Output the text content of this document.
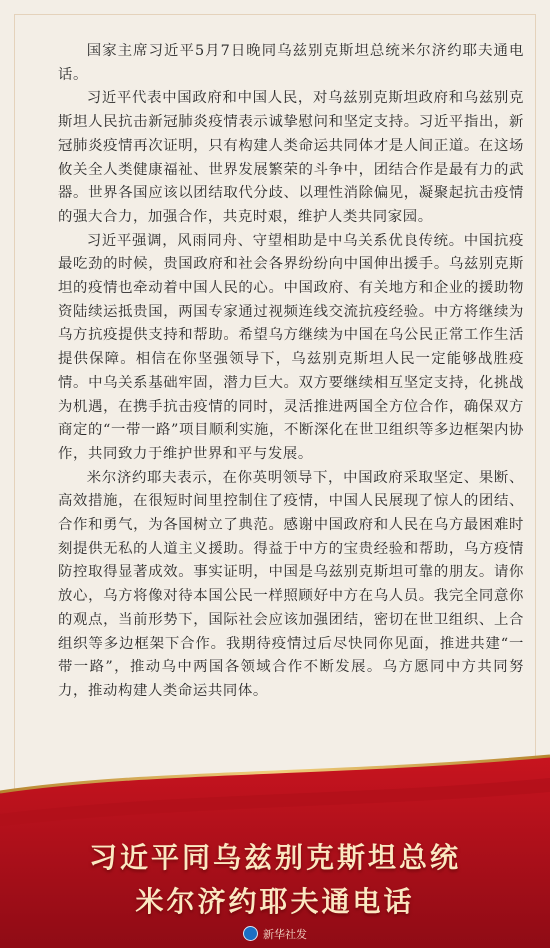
国家主席习近平5月7日晚同乌兹别克斯坦总统米尔济约耶夫通电话。

习近平代表中国政府和中国人民，对乌兹别克斯坦政府和乌兹别克斯坦人民抗击新冠肺炎疫情表示诚挚慰问和坚定支持。习近平指出，新冠肺炎疫情再次证明，只有构建人类命运共同体才是人间正道。在这场攸关全人类健康福祉、世界发展繁荣的斗争中，团结合作是最有力的武器。世界各国应该以团结取代分歧、以理性消除偏见，凝聚起抗击疫情的强大合力，加强合作，共克时艰，维护人类共同家园。

习近平强调，风雨同舟、守望相助是中乌关系优良传统。中国抗疫最吃劲的时候，贵国政府和社会各界纷纷向中国伸出援手。乌兹别克斯坦的疫情也牵动着中国人民的心。中国政府、有关地方和企业的援助物资陆续运抵贵国，两国专家通过视频连线交流抗疫经验。中方将继续为乌方抗疫提供支持和帮助。希望乌方继续为中国在乌公民正常工作生活提供保障。相信在你坚强领导下，乌兹别克斯坦人民一定能够战胜疫情。中乌关系基础牢固，潜力巨大。双方要继续相互坚定支持，化挑战为机遇，在携手抗击疫情的同时，灵活推进两国全方位合作，确保双方商定的“一带一路”项目顺利实施，不断深化在世卫组织等多边框架内协作，共同致力于维护世界和平与发展。

米尔济约耶夫表示，在你英明领导下，中国政府采取坚定、果断、高效措施，在很短时间里控制住了疫情，中国人民展现了惊人的团结、合作和勇气，为各国树立了典范。感谢中国政府和人民在乌方最困难时刻提供无私的人道主义援助。得益于中方的宝贵经验和帮助，乌方疫情防控取得显著成效。事实证明，中国是乌兹别克斯坦可靠的朋友。请你放心，乌方将像对待本国公民一样照顾好中方在乌人员。我完全同意你的观点，当前形势下，国际社会应该加强团结，密切在世卫组织、上合组织等多边框架下合作。我期待疫情过后尽快同你见面，推进共建“一带一路”，推动乌中两国各领域合作不断发展。乌方愿同中方共同努力，推动构建人类命运共同体。

习近平同乌兹别克斯坦总统
米尔济约耶夫通电话
新华社发
